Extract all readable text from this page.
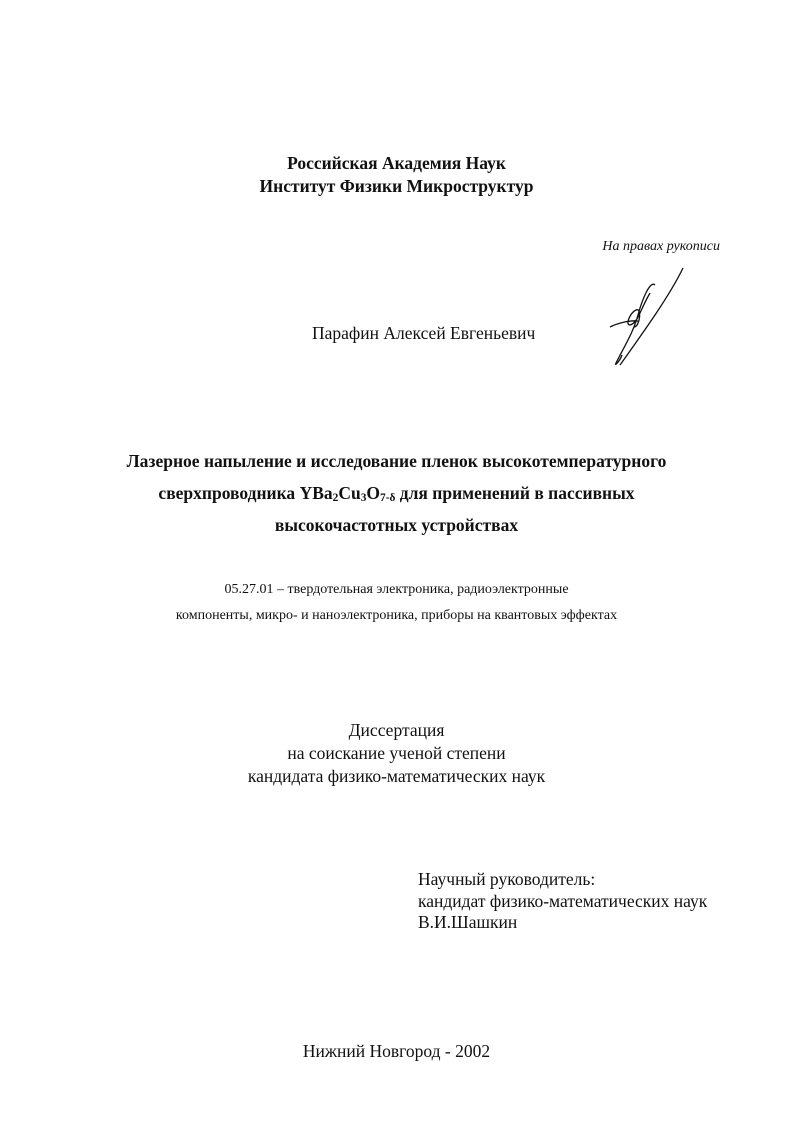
Российская Академия Наук
Институт Физики Микроструктур
На правах рукописи
Парафин Алексей Евгеньевич
Лазерное напыление и исследование пленок высокотемпературного
сверхпроводника $YBa_2Cu_3O_{7-\delta}$ для применений в пассивных
высокочастотных устройствах
05.27.01 – твердотельная электроника, радиоэлектронные
компоненты, микро- и наноэлектроника, приборы на квантовых эффектах
Диссертация
на соискание ученой степени
кандидата физико-математических наук
Научный руководитель:
кандидат физико-математических наук
В.И.Шашкин
Нижний Новгород - 2002
